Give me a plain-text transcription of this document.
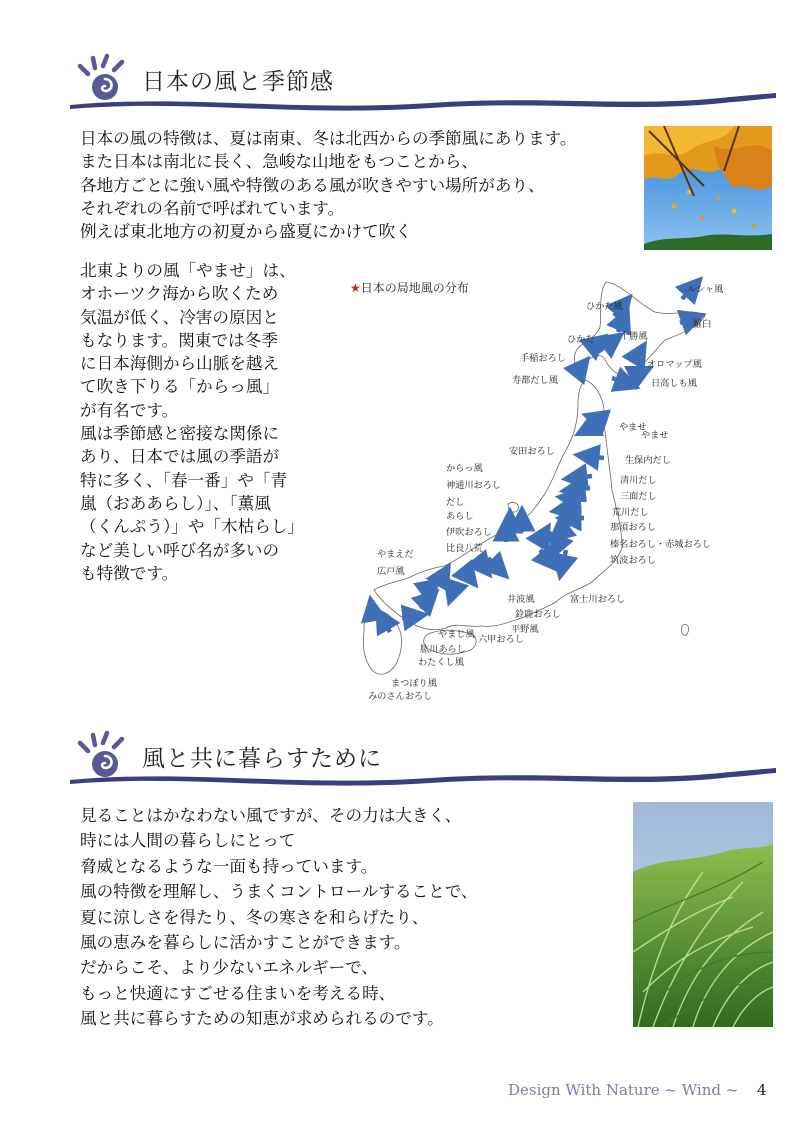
日本の風と季節感

日本の風の特徴は、夏は南東、冬は北西からの季節風にあります。

また日本は南北に長く、急峻な山地をもつことから、

各地方ごとに強い風や特徴のある風が吹きやすい場所があり、

それぞれの名前で呼ばれています。

例えば東北地方の初夏から盛夏にかけて吹く

北東よりの風「やませ」は、

オホーツク海から吹くため

気温が低く、冷害の原因と

もなります。関東では冬季

に日本海側から山脈を越え

て吹き下りる「からっ風」

が有名です。

風は季節感と密接な関係に

あり、日本では風の季語が

特に多く、「春一番」や「青

嵐（おああらし）」、「薫風

（くんぷう）」や「木枯らし」

など美しい呼び名が多いの

も特徴です。

★日本の局地風の分布	ルシャ風
ひかた風
羅臼
十勝風
ひかた
手稲おろし
オロマップ風
寿都だし風	日高しも風
やませ
やませ
安田おろし
生保内だし
からっ風
清川だし
神通川おろし
三面だし
だし
荒川だし
あらし
那須おろし
伊吹おろし
榛名おろし・赤城おろし
比良八荒
筑波おろし
やまえだ
広戸風
井波風	富士川おろし
鈴鹿おろし
平野風
やまじ風 六甲おろし
肱川あらし
わたくし風
まつぼり風
みのさんおろし
風と共に暮らすために

見ることはかなわない風ですが、その力は大きく、

時には人間の暮らしにとって

脅威となるような一面も持っています。

風の特徴を理解し、うまくコントロールすることで、

夏に涼しさを得たり、冬の寒さを和らげたり、

風の恵みを暮らしに活かすことができます。

だからこそ、より少ないエネルギーで、

もっと快適にすごせる住まいを考える時、

風と共に暮らすための知恵が求められるのです。

Design With Nature ~ Wind ~ 4
